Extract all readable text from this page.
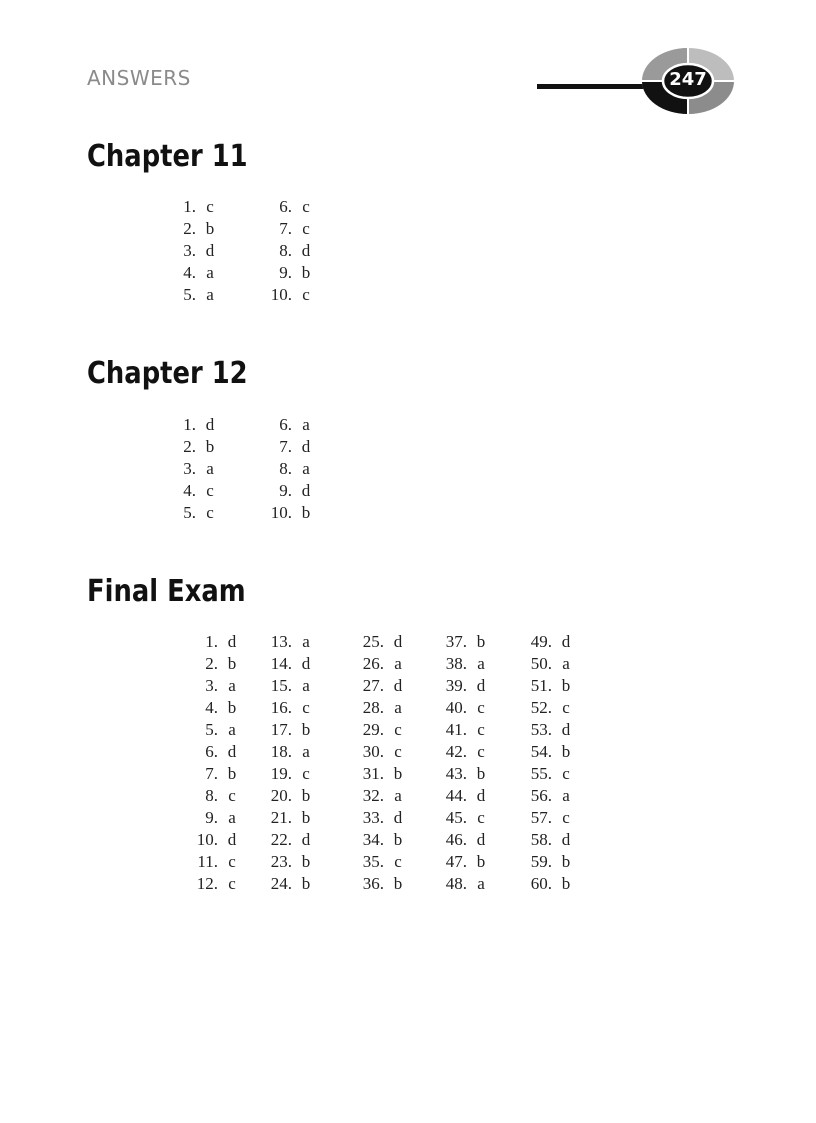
ANSWERS	247
Chapter 11
1. c
2. b
3. d
4. a
5. a
6. c
7. c
8. d
9. b
10. c
Chapter 12
1. d
2. b
3. a
4. c
5. c
6. a
7. d
8. a
9. d
10. b
Final Exam
1. d
2. b
3. a
4. b
5. a
6. d
7. b
8. c
9. a
10. d
11. c
12. c
13. a
14. d
15. a
16. c
17. b
18. a
19. c
20. b
21. b
22. d
23. b
24. b
25. d
26. a
27. d
28. a
29. c
30. c
31. b
32. a
33. d
34. b
35. c
36. b
37. b
38. a
39. d
40. c
41. c
42. c
43. b
44. d
45. c
46. d
47. b
48. a
49. d
50. a
51. b
52. c
53. d
54. b
55. c
56. a
57. c
58. d
59. b
60. b
